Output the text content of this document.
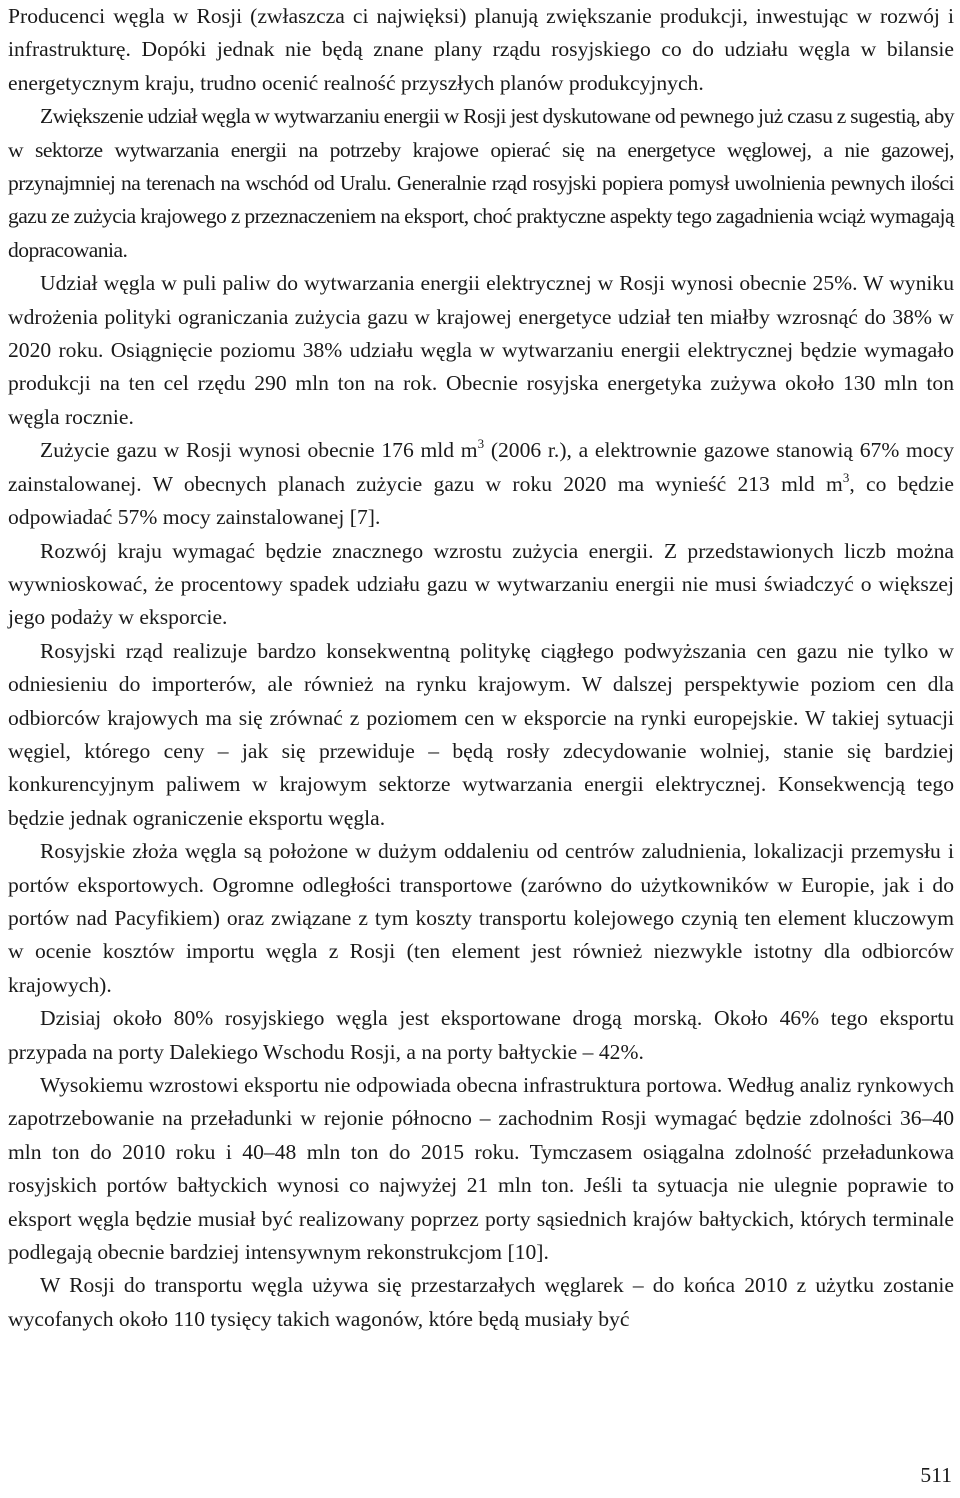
Producenci węgla w Rosji (zwłaszcza ci najwięksi) planują zwiększanie produkcji, inwestując w rozwój i infrastrukturę. Dopóki jednak nie będą znane plany rządu rosyjskiego co do udziału węgla w bilansie energetycznym kraju, trudno ocenić realność przyszłych planów produkcyjnych.

Zwiększenie udział węgla w wytwarzaniu energii w Rosji jest dyskutowane od pewnego już czasu z sugestią, aby w sektorze wytwarzania energii na potrzeby krajowe opierać się na energetyce węglowej, a nie gazowej, przynajmniej na terenach na wschód od Uralu. Generalnie rząd rosyjski popiera pomysł uwolnienia pewnych ilości gazu ze zużycia krajowego z przeznaczeniem na eksport, choć praktyczne aspekty tego zagadnienia wciąż wymagają dopracowania.

Udział węgla w puli paliw do wytwarzania energii elektrycznej w Rosji wynosi obecnie 25%. W wyniku wdrożenia polityki ograniczania zużycia gazu w krajowej energetyce udział ten miałby wzrosnąć do 38% w 2020 roku. Osiągnięcie poziomu 38% udziału węgla w wytwarzaniu energii elektrycznej będzie wymagało produkcji na ten cel rzędu 290 mln ton na rok. Obecnie rosyjska energetyka zużywa około 130 mln ton węgla rocznie.

Zużycie gazu w Rosji wynosi obecnie 176 mld $m^3$ (2006 r.), a elektrownie gazowe stanowią 67% mocy zainstalowanej. W obecnych planach zużycie gazu w roku 2020 ma wynieść 213 mld $m^3$, co będzie odpowiadać 57% mocy zainstalowanej [7].

Rozwój kraju wymagać będzie znacznego wzrostu zużycia energii. Z przedstawionych liczb można wywnioskować, że procentowy spadek udziału gazu w wytwarzaniu energii nie musi świadczyć o większej jego podaży w eksporcie.

Rosyjski rząd realizuje bardzo konsekwentną politykę ciągłego podwyższania cen gazu nie tylko w odniesieniu do importerów, ale również na rynku krajowym. W dalszej perspektywie poziom cen dla odbiorców krajowych ma się zrównać z poziomem cen w eksporcie na rynki europejskie. W takiej sytuacji węgiel, którego ceny – jak się przewiduje – będą rosły zdecydowanie wolniej, stanie się bardziej konkurencyjnym paliwem w krajowym sektorze wytwarzania energii elektrycznej. Konsekwencją tego będzie jednak ograniczenie eksportu węgla.

Rosyjskie złoża węgla są położone w dużym oddaleniu od centrów zaludnienia, lokalizacji przemysłu i portów eksportowych. Ogromne odległości transportowe (zarówno do użytkowników w Europie, jak i do portów nad Pacyfikiem) oraz związane z tym koszty transportu kolejowego czynią ten element kluczowym w ocenie kosztów importu węgla z Rosji (ten element jest również niezwykle istotny dla odbiorców krajowych).

Dzisiaj około 80% rosyjskiego węgla jest eksportowane drogą morską. Około 46% tego eksportu przypada na porty Dalekiego Wschodu Rosji, a na porty bałtyckie – 42%.

Wysokiemu wzrostowi eksportu nie odpowiada obecna infrastruktura portowa. Według analiz rynkowych zapotrzebowanie na przeładunki w rejonie północno – zachodnim Rosji wymagać będzie zdolności 36–40 mln ton do 2010 roku i 40–48 mln ton do 2015 roku. Tymczasem osiągalna zdolność przeładunkowa rosyjskich portów bałtyckich wynosi co najwyżej 21 mln ton. Jeśli ta sytuacja nie ulegnie poprawie to eksport węgla będzie musiał być realizowany poprzez porty sąsiednich krajów bałtyckich, których terminale podlegają obecnie bardziej intensywnym rekonstrukcjom [10].

W Rosji do transportu węgla używa się przestarzałych węglarek – do końca 2010 z użytku zostanie wycofanych około 110 tysięcy takich wagonów, które będą musiały być

511
